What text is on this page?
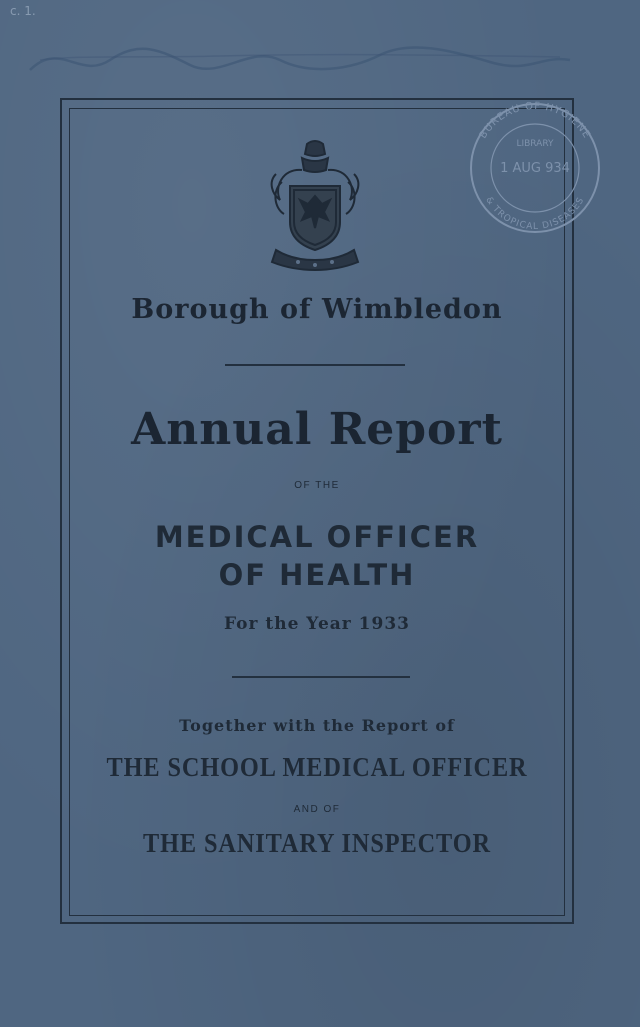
c. 1.
BUREAU OF HYGIENE
LIBRARY
1 AUG 934
& TROPICAL DISEASES
Borough of Wimbledon
Annual Report
OF THE
MEDICAL OFFICER
OF HEALTH
For the Year 1933
Together with the Report of
THE SCHOOL MEDICAL OFFICER
AND OF
THE SANITARY INSPECTOR
